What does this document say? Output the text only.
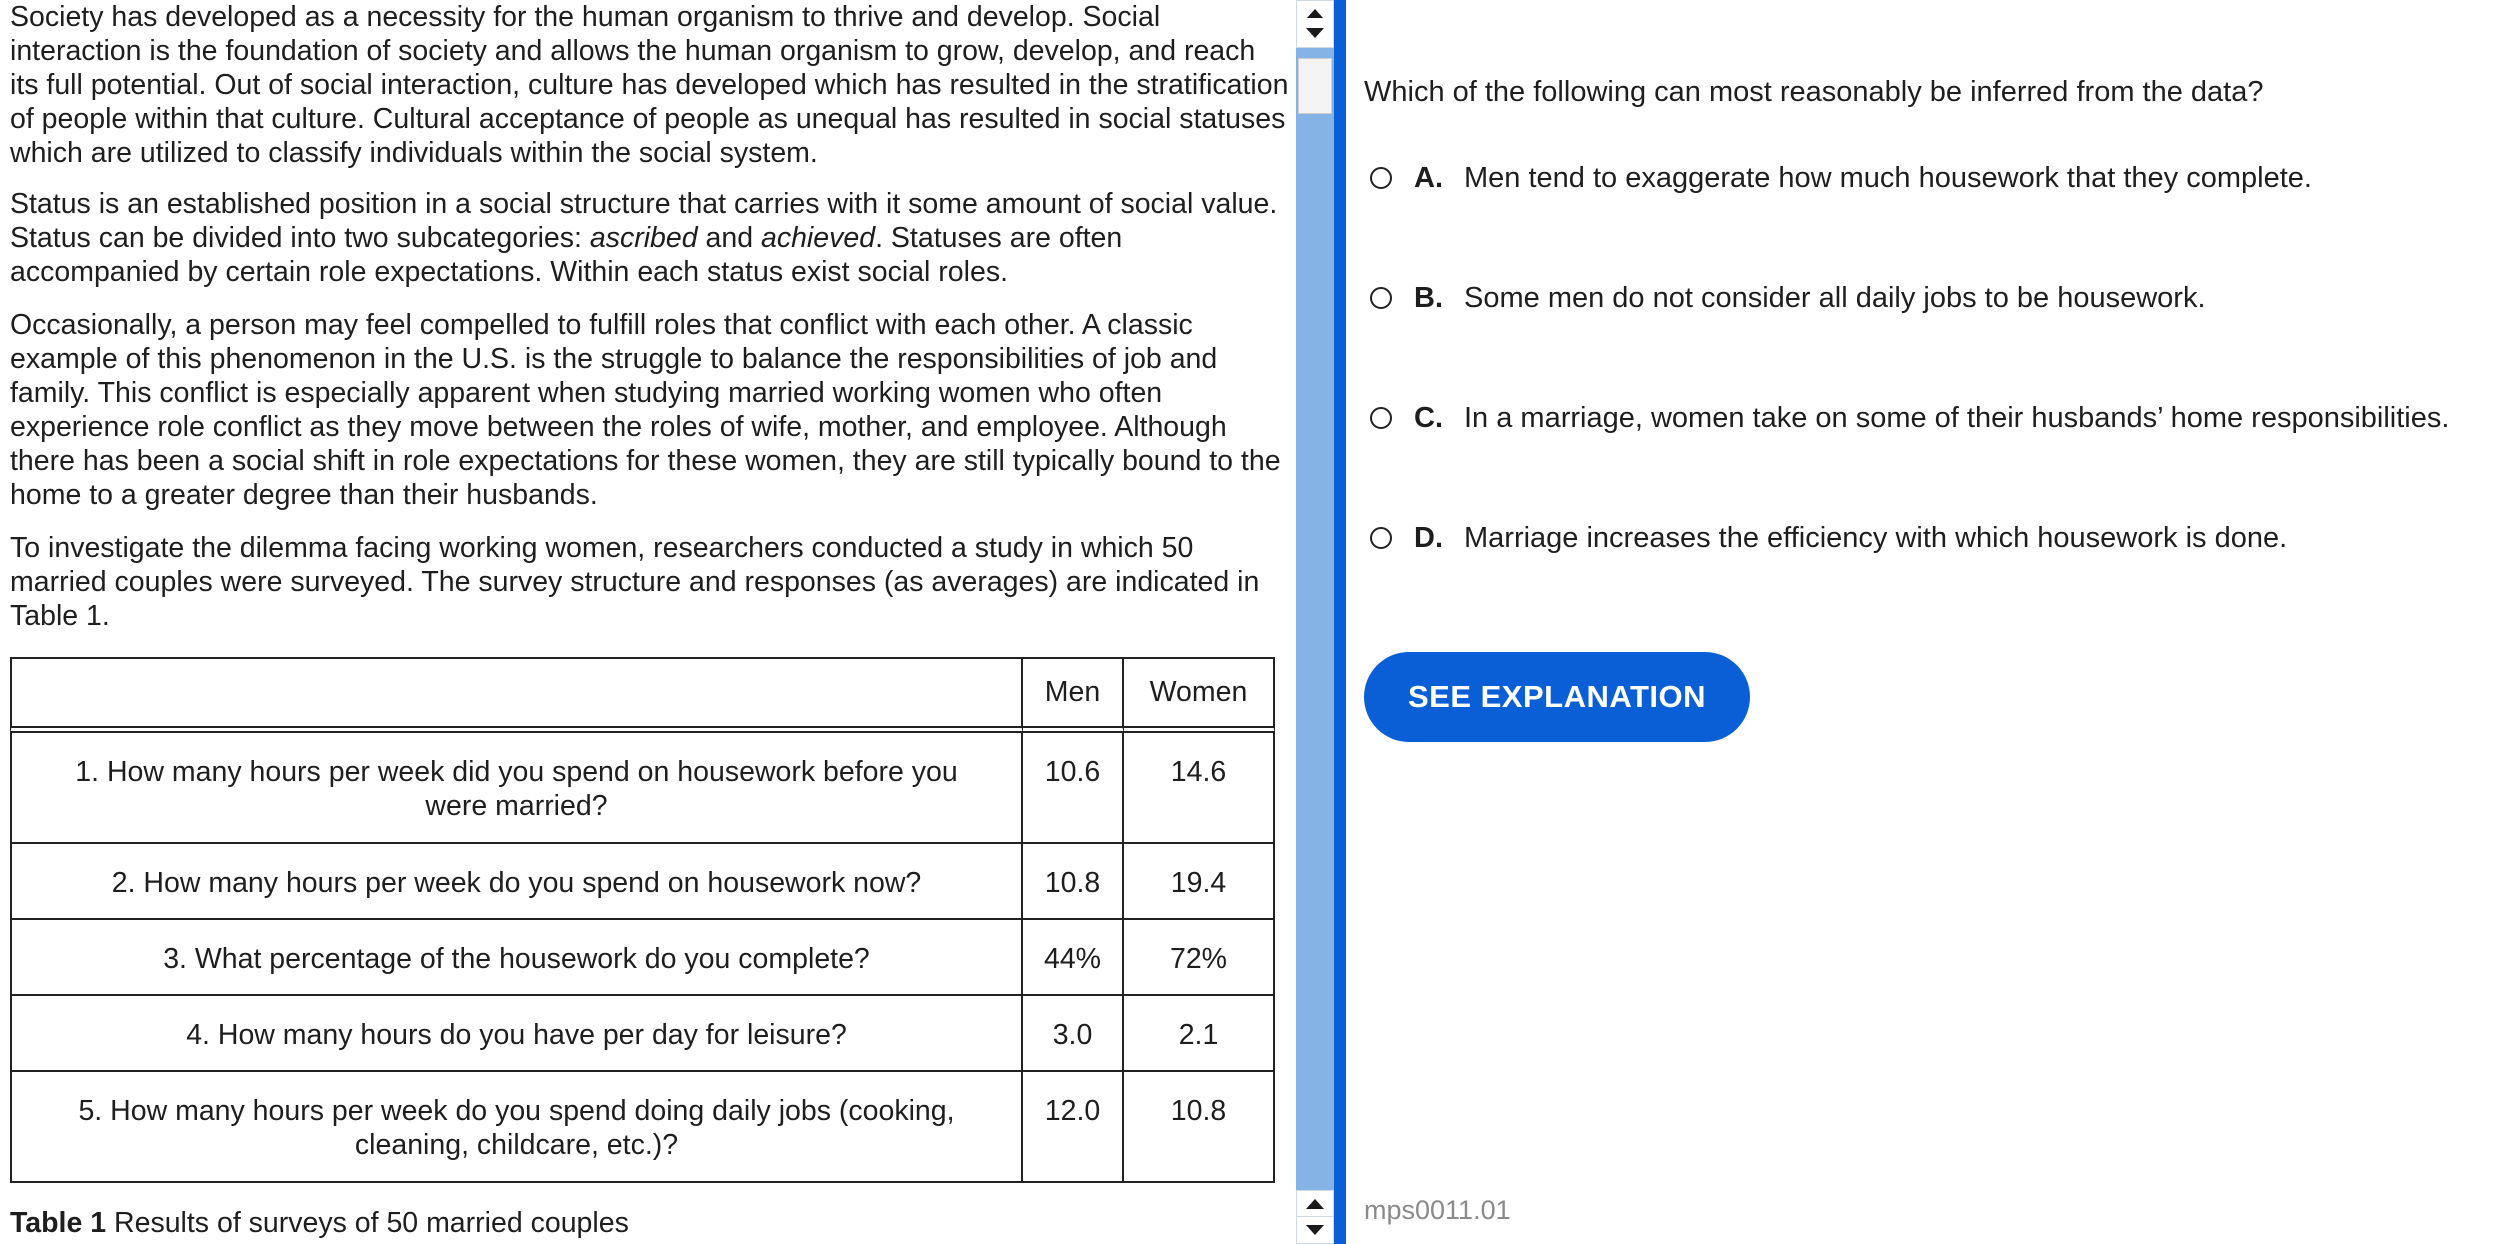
Society has developed as a necessity for the human organism to thrive and develop. Social interaction is the foundation of society and allows the human organism to grow, develop, and reach its full potential. Out of social interaction, culture has developed which has resulted in the stratification of people within that culture. Cultural acceptance of people as unequal has resulted in social statuses which are utilized to classify individuals within the social system.

Status is an established position in a social structure that carries with it some amount of social value. Status can be divided into two subcategories: ascribed and achieved. Statuses are often accompanied by certain role expectations. Within each status exist social roles.

Occasionally, a person may feel compelled to fulfill roles that conflict with each other. A classic example of this phenomenon in the U.S. is the struggle to balance the responsibilities of job and family. This conflict is especially apparent when studying married working women who often experience role conflict as they move between the roles of wife, mother, and employee. Although there has been a social shift in role expectations for these women, they are still typically bound to the home to a greater degree than their husbands.

To investigate the dilemma facing working women, researchers conducted a study in which 50 married couples were surveyed. The survey structure and responses (as averages) are indicated in Table 1.

	Men	Women
1. How many hours per week did you spend on housework before you were married?	10.6	14.6
2. How many hours per week do you spend on housework now?	10.8	19.4
3. What percentage of the housework do you complete?	44%	72%
4. How many hours do you have per day for leisure?	3.0	2.1
5. How many hours per week do you spend doing daily jobs (cooking, cleaning, childcare, etc.)?	12.0	10.8
Table 1 Results of surveys of 50 married couples
Which of the following can most reasonably be inferred from the data?
A. Men tend to exaggerate how much housework that they complete.
B. Some men do not consider all daily jobs to be housework.
C. In a marriage, women take on some of their husbands’ home responsibilities.
D. Marriage increases the efficiency with which housework is done.
SEE EXPLANATION
mps0011.01
